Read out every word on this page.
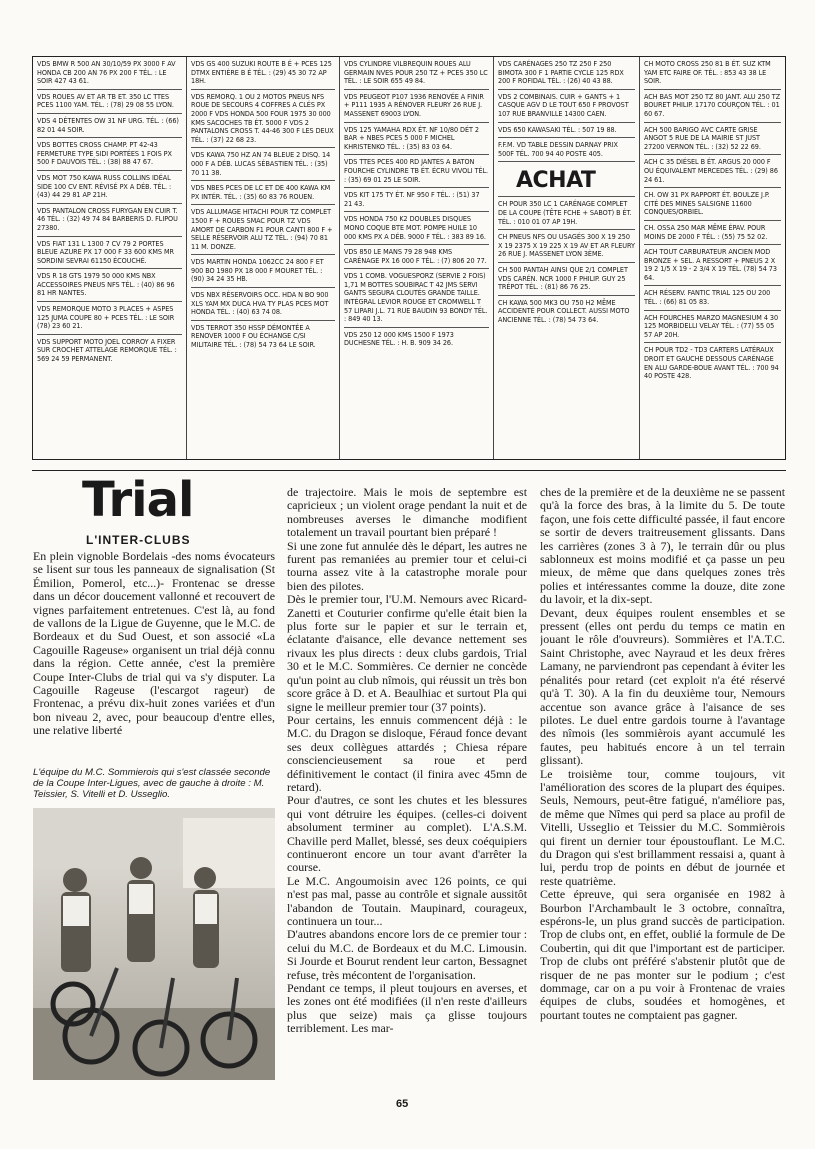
VDS BMW R 500 AN 30/10/59 PX 3000 F AV HONDA CB 200 AN 76 PX 200 F TÉL. : LE SOIR 427 43 61.
VDS ROUES AV ET AR TB ET. 350 LC TTES PCES 1100 YAM. TÉL. : (78) 29 08 55 LYON.
VDS 4 DÉTENTES OW 31 NF URG. TÉL. : (66) 82 01 44 SOIR.
VDS BOTTES CROSS CHAMP. PT 42-43 FERMETURE TYPE SIDI PORTÉES 1 FOIS PX 500 F DAUVOIS TÉL. : (38) 88 47 67.
VDS MOT 750 KAWA RUSS COLLINS IDÉAL SIDE 100 CV ENT. RÉVISÉ PX A DÉB. TÉL. : (43) 44 29 81 AP 21H.
VDS PANTALON CROSS FURYGAN EN CUIR T. 46 TÉL. : (32) 49 74 84 BARBERIS D. FLIPOU 27380.
VDS FIAT 131 L 1300 7 CV 79 2 PORTES BLEUE AZURE PX 17 000 F 33 600 KMS MR SORDINI SEVRAI 61150 ÉCOUCHÉ.
VDS R 18 GTS 1979 50 000 KMS NBX ACCESSOIRES PNEUS NFS TÉL. : (40) 86 96 81 HR NANTES.
VDS REMORQUE MOTO 3 PLACES + ASPES 125 JUMA COUPE 80 + PCES TÉL. : LE SOIR (78) 23 60 21.
VDS SUPPORT MOTO JOEL CORROY A FIXER SUR CROCHET ATTELAGE REMORQUE TÉL. : 569 24 59 PERMANENT.
VDS GS 400 SUZUKI ROUTE B É + PCES 125 DTMX ENTIÈRE B É TÉL. : (29) 45 30 72 AP 18H.
VDS REMORQ. 1 OU 2 MOTOS PNEUS NFS ROUE DE SECOURS 4 COFFRES A CLÉS PX 2000 F VDS HONDA 500 FOUR 1975 30 000 KMS SACOCHES TB ÉT. 5000 F VDS 2 PANTALONS CROSS T. 44-46 300 F LES DEUX TÉL. : (37) 22 68 23.
VDS KAWA 750 HZ AN 74 BLEUE 2 DISQ. 14 000 F A DÉB. LUCAS SÉBASTIEN TÉL. : (35) 70 11 38.
VDS NBES PCES DE LC ET DE 400 KAWA KM PX INTÉR. TÉL. : (35) 60 83 76 ROUEN.
VDS ALLUMAGE HITACHI POUR TZ COMPLET 1500 F + ROUES SMAC POUR TZ VDS AMORT DE CARBON F1 POUR CANTI 800 F + SELLE RÉSERVOIR ALU TZ TÉL. : (94) 70 81 11 M. DONZE.
VDS MARTIN HONDA 1062CC 24 800 F ET 900 BO 1980 PX 18 000 F MOURET TÉL. : (90) 34 24 35 HB.
VDS NBX RÉSERVOIRS OCC. HDA N BO 900 XLS YAM MX DUCA HVA TY PLAS PCES MOT HONDA TÉL. : (40) 63 74 08.
VDS TERROT 350 HSSP DÉMONTÉE A RENOVER 1000 F OU ÉCHANGE C/SI MILITAIRE TÉL. : (78) 54 73 64 LE SOIR.
VDS CYLINDRE VILBREQUIN ROUES ALU GERMAIN NVES POUR 250 TZ + PCES 350 LC TÉL. : LE SOIR 655 49 84.
VDS PEUGEOT P107 1936 RENOVÉE A FINIR + P111 1935 A RÉNOVER FLEURY 26 RUE J. MASSENET 69003 LYON.
VDS 125 YAMAHA RDX ÉT. NF 10/80 DÉT 2 BAR + NBES PCES 5 000 F MICHEL KHRISTENKO TÉL. : (35) 83 03 64.
VDS TTES PCES 400 RD JANTES A BATON FOURCHE CYLINDRE TB ÉT. ÉCRU VIVOLI TÉL. : (35) 69 01 25 LE SOIR.
VDS KIT 175 TY ÉT. NF 950 F TÉL. : (51) 37 21 43.
VDS HONDA 750 K2 DOUBLES DISQUES MONO COQUE BTE MOT. POMPE HUILE 10 000 KMS PX A DÉB. 9000 F TÉL. : 383 89 16.
VDS 850 LE MANS 79 28 948 KMS CARÉNAGE PX 16 000 F TÉL. : (7) 806 20 77.
VDS 1 COMB. VOGUESPORZ (SERVIE 2 FOIS) 1,71 M BOTTES SOUBIRAC T 42 JMS SERVI GANTS SEGURA CLOUTÉS GRANDE TAILLE. INTÉGRAL LEVIOR ROUGE ET CROMWELL T 57 LIPARI J.L. 71 RUE BAUDIN 93 BONDY TÉL. : 849 40 13.
VDS 250 12 000 KMS 1500 F 1973 DUCHESNE TÉL. : H. B. 909 34 26.
VDS CARÉNAGES 250 TZ 250 F 250 BIMOTA 300 F 1 PARTIE CYCLE 125 RDX 200 F ROFIDAL TÉL. : (26) 40 43 88.
VDS 2 COMBINAIS. CUIR + GANTS + 1 CASQUE AGV D LE TOUT 650 F PROVOST 107 RUE BRANVILLE 14300 CAEN.
VDS 650 KAWASAKI TÉL. : 507 19 88.
F.F.M. VD TABLE DESSIN DARNAY PRIX 500F TÉL. 700 94 40 POSTE 405.
ACHAT
CH POUR 350 LC 1 CARÉNAGE COMPLET DE LA COUPE (TÊTE FCHE + SABOT) B ÉT. TÉL. : 010 01 07 AP 19H.
CH PNEUS NFS OU USAGÉS 300 X 19 250 X 19 2375 X 19 225 X 19 AV ET AR FLEURY 26 RUE J. MASSENET LYON 3ÈME.
CH 500 PANTAH AINSI QUE 2/1 COMPLET VDS CARÉN. NCR 1000 F PHILIP. GUY 25 TRÉPOT TÉL. : (81) 86 76 25.
CH KAWA 500 MK3 OU 750 H2 MÊME ACCIDENTÉ POUR COLLECT. AUSSI MOTO ANCIENNE TÉL. : (78) 54 73 64.
CH MOTO CROSS 250 81 B ÉT. SUZ KTM YAM ETC FAIRE OF. TÉL. : 853 43 38 LE SOIR.
ACH BAS MOT 250 TZ 80 JANT. ALU 250 TZ BOURET PHILIP. 17170 COURÇON TÉL. : 01 60 67.
ACH 500 BARIGO AVC CARTE GRISE ANGOT 5 RUE DE LA MAIRIE ST JUST 27200 VERNON TÉL. : (32) 52 22 69.
ACH C 35 DIÉSEL B ÉT. ARGUS 20 000 F OU ÉQUIVALENT MERCEDES TÉL. : (29) 86 24 61.
CH. OW 31 PX RAPPORT ÉT. BOULZE J.P. CITÉ DES MINES SALSIGNE 11600 CONQUES/ORBIEL.
CH. OSSA 250 MAR MÊME ÉPAV. POUR MOINS DE 2000 F TÉL. : (55) 75 52 02.
ACH TOUT CARBURATEUR ANCIEN MOD BRONZE + SEL. A RESSORT + PNEUS 2 X 19 2 1/5 X 19 - 2 3/4 X 19 TÉL. (78) 54 73 64.
ACH RÉSERV. FANTIC TRIAL 125 OU 200 TÉL. : (66) 81 05 83.
ACH FOURCHES MARZO MAGNESIUM 4 30 125 MORBIDELLI VELAY TÉL. : (77) 55 05 57 AP 20H.
CH POUR TD2 - TD3 CARTERS LATÉRAUX DROIT ET GAUCHE DESSOUS CARÉNAGE EN ALU GARDE-BOUE AVANT TÉL. : 700 94 40 POSTE 428.
Trial
L'INTER-CLUBS

En plein vignoble Bordelais -des noms évocateurs se lisent sur tous les panneaux de signalisation (St Émilion, Pomerol, etc...)- Frontenac se dresse dans un décor doucement vallonné et recouvert de vignes parfaitement entretenues. C'est là, au fond de vallons de la Ligue de Guyenne, que le M.C. de Bordeaux et du Sud Ouest, et son associé «La Cagouille Rageuse» organisent un trial déjà connu dans la région. Cette année, c'est la première Coupe Inter-Clubs de trial qui va s'y disputer. La Cagouille Rageuse (l'escargot rageur) de Frontenac, a prévu dix-huit zones variées et d'un bon niveau 2, avec, pour beaucoup d'entre elles, une relative liberté

L'équipe du M.C. Sommierois qui s'est classée seconde de la Coupe Inter-Ligues, avec de gauche à droite : M. Teissier, S. Vitelli et D. Usseglio.

de trajectoire. Mais le mois de septembre est capricieux ; un violent orage pendant la nuit et de nombreuses averses le dimanche modifient totalement un travail pourtant bien préparé !

Si une zone fut annulée dès le départ, les autres ne furent pas remaniées au premier tour et celui-ci tourna assez vite à la catastrophe morale pour bien des pilotes.

Dès le premier tour, l'U.M. Nemours avec Ricard-Zanetti et Couturier confirme qu'elle était bien la plus forte sur le papier et sur le terrain et, éclatante d'aisance, elle devance nettement ses rivaux les plus directs : deux clubs gardois, Trial 30 et le M.C. Sommières. Ce dernier ne concède qu'un point au club nîmois, qui réussit un très bon score grâce à D. et A. Beaulhiac et surtout Pla qui signe le meilleur premier tour (37 points).

Pour certains, les ennuis commencent déjà : le M.C. du Dragon se disloque, Féraud fonce devant ses deux collègues attardés ; Chiesa répare consciencieusement sa roue et perd définitivement le contact (il finira avec 45mn de retard).

Pour d'autres, ce sont les chutes et les blessures qui vont détruire les équipes. (celles-ci doivent absolument terminer au complet). L'A.S.M. Chaville perd Mallet, blessé, ses deux coéquipiers continueront encore un tour avant d'arrêter la course.

Le M.C. Angoumoisin avec 126 points, ce qui n'est pas mal, passe au contrôle et signale aussitôt l'abandon de Toutain. Maupinard, courageux, continuera un tour...

D'autres abandons encore lors de ce premier tour : celui du M.C. de Bordeaux et du M.C. Limousin. Si Jourde et Bourut rendent leur carton, Bessagnet refuse, très mécontent de l'organisation.

Pendant ce temps, il pleut toujours en averses, et les zones ont été modifiées (il n'en reste d'ailleurs plus que seize) mais ça glisse toujours terriblement. Les mar-

ches de la première et de la deuxième ne se passent qu'à la force des bras, à la limite du 5. De toute façon, une fois cette difficulté passée, il faut encore se sortir de devers traitreusement glissants. Dans les carrières (zones 3 à 7), le terrain dûr ou plus sablonneux est moins modifié et ça passe un peu mieux, de même que dans quelques zones très polies et intéressantes comme la douze, dite zone du lavoir, et la dix-sept.

Devant, deux équipes roulent ensembles et se pressent (elles ont perdu du temps ce matin en jouant le rôle d'ouvreurs). Sommières et l'A.T.C. Saint Christophe, avec Nayraud et les deux frères Lamany, ne parviendront pas cependant à éviter les pénalités pour retard (cet exploit n'a été réservé qu'à T. 30). A la fin du deuxième tour, Nemours accentue son avance grâce à l'aisance de ses pilotes. Le duel entre gardois tourne à l'avantage des nîmois (les sommièrois ayant accumulé les fautes, peu habitués encore à un tel terrain glissant).

Le troisième tour, comme toujours, vit l'amélioration des scores de la plupart des équipes. Seuls, Nemours, peut-être fatigué, n'améliore pas, de même que Nîmes qui perd sa place au profil de Vitelli, Usseglio et Teissier du M.C. Sommièrois qui firent un dernier tour époustouflant. Le M.C. du Dragon qui s'est brillamment ressaisi a, quant à lui, perdu trop de points en début de journée et reste quatrième.

Cette épreuve, qui sera organisée en 1982 à Bourbon l'Archambault le 3 octobre, connaîtra, espérons-le, un plus grand succès de participation. Trop de clubs ont, en effet, oublié la formule de De Coubertin, qui dit que l'important est de participer. Trop de clubs ont préféré s'abstenir plutôt que de risquer de ne pas monter sur le podium ; c'est dommage, car on a pu voir à Frontenac de vraies équipes de clubs, soudées et homogènes, et pourtant toutes ne comptaient pas gagner.

65
